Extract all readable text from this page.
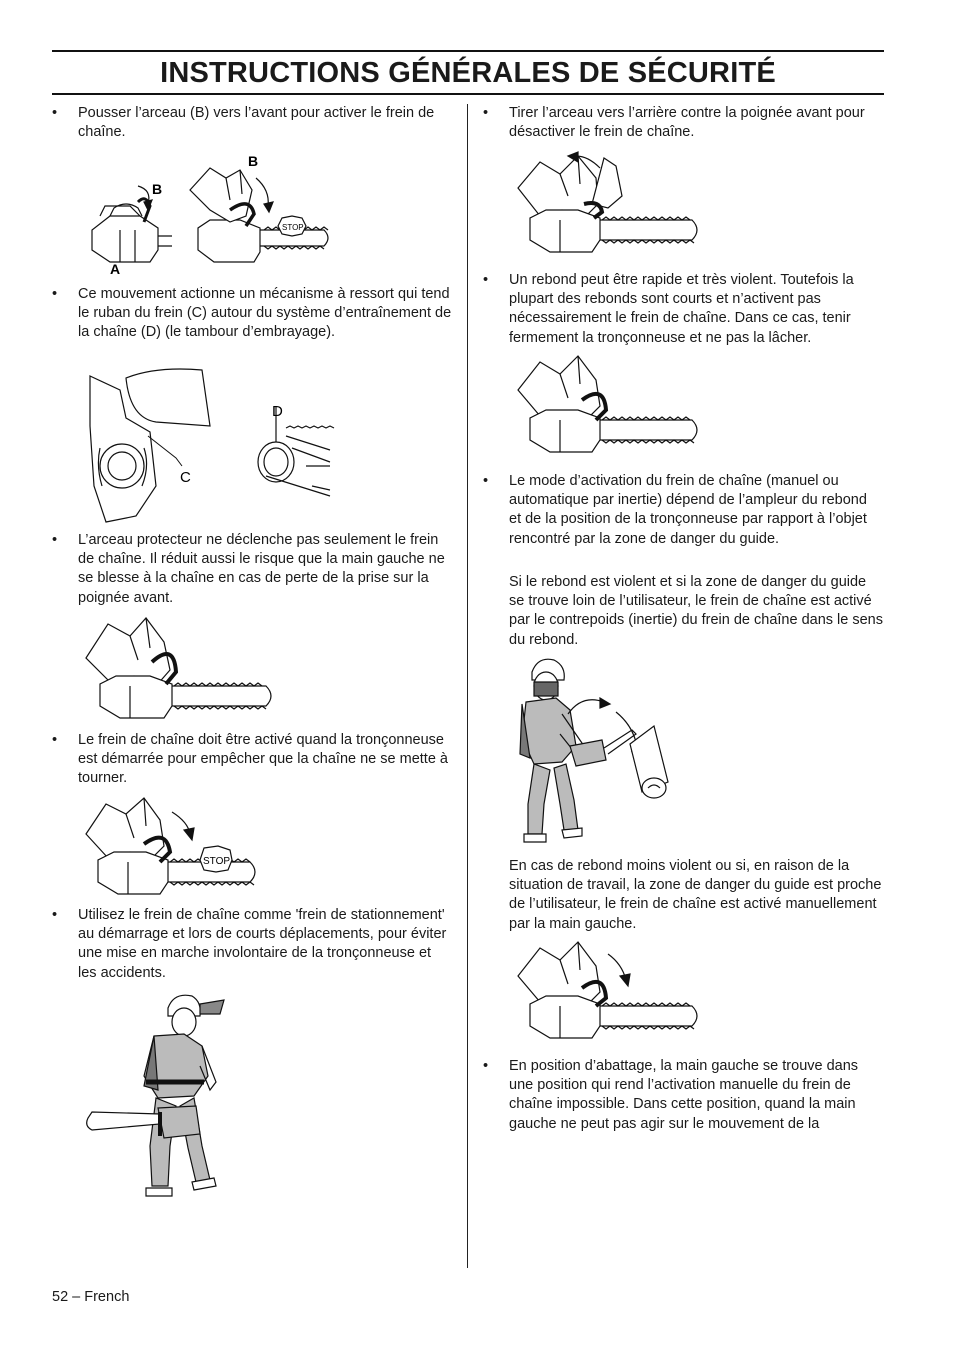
INSTRUCTIONS GÉNÉRALES DE SÉCURITÉ
• Pousser l’arceau (B) vers l’avant pour activer le frein de chaîne.
STOP
B
B
A
• Ce mouvement actionne un mécanisme à ressort qui tend le ruban du frein (C) autour du système d’entraînement de la chaîne (D) (le tambour d’embrayage).
D
C
• L’arceau protecteur ne déclenche pas seulement le frein de chaîne. Il réduit aussi le risque que la main gauche ne se blesse à la chaîne en cas de perte de la prise sur la poignée avant.
• Le frein de chaîne doit être activé quand la tronçonneuse est démarrée pour empêcher que la chaîne ne se mette à tourner.
STOP
• Utilisez le frein de chaîne comme 'frein de stationnement' au démarrage et lors de courts déplacements, pour éviter une mise en marche involontaire de la tronçonneuse et les accidents.
• Tirer l’arceau vers l’arrière contre la poignée avant pour désactiver le frein de chaîne.
• Un rebond peut être rapide et très violent. Toutefois la plupart des rebonds sont courts et n’activent pas nécessairement le frein de chaîne. Dans ce cas, tenir fermement la tronçonneuse et ne pas la lâcher.
• Le mode d’activation du frein de chaîne (manuel ou automatique par inertie) dépend de l’ampleur du rebond et de la position de la tronçonneuse par rapport à l’objet rencontré par la zone de danger du guide.
Si le rebond est violent et si la zone de danger du guide se trouve loin de l’utilisateur, le frein de chaîne est activé par le contrepoids (inertie) du frein de chaîne dans le sens du rebond.
En cas de rebond moins violent ou si, en raison de la situation de travail, la zone de danger du guide est proche de l’utilisateur, le frein de chaîne est activé manuellement par la main gauche.
• En position d’abattage, la main gauche se trouve dans une position qui rend l’activation manuelle du frein de chaîne impossible. Dans cette position, quand la main gauche ne peut pas agir sur le mouvement de la
52 – French
